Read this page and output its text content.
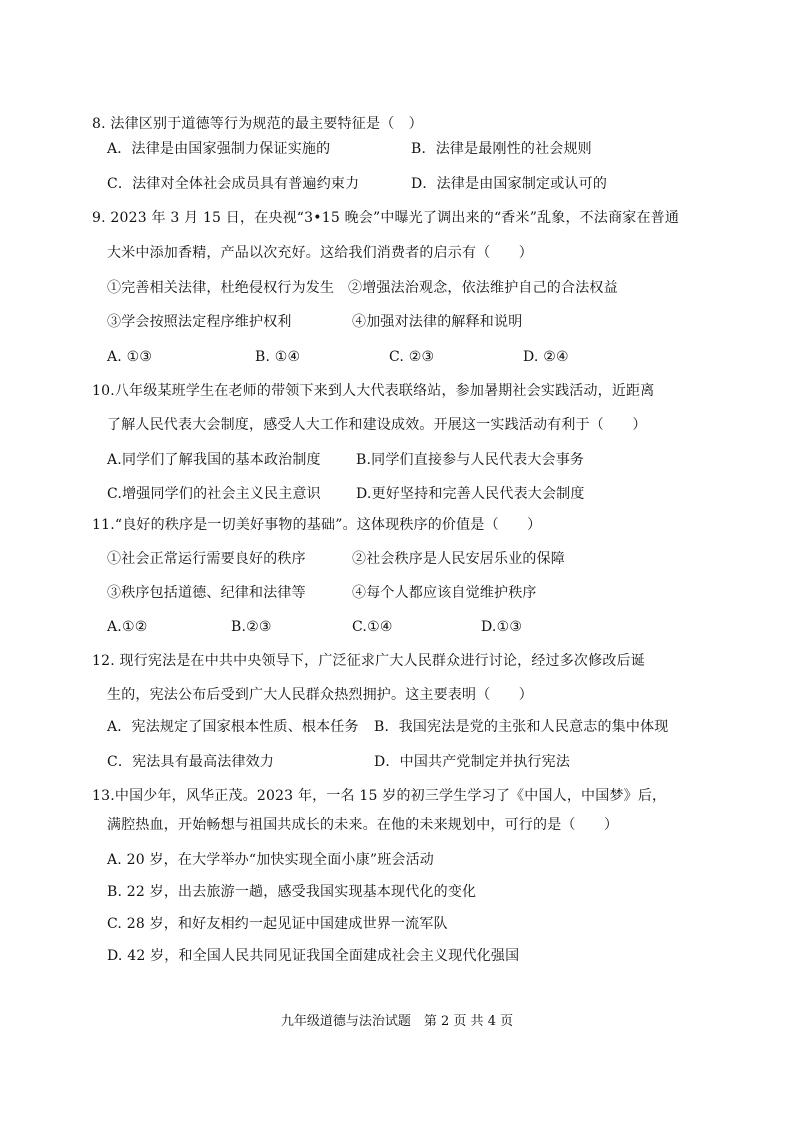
8. 法律区别于道德等行为规范的最主要特征是（　）
A．法律是由国家强制力保证实施的	B．法律是最刚性的社会规则
C．法律对全体社会成员具有普遍约束力	D．法律是由国家制定或认可的
9. 2023 年 3 月 15 日，在央视“3•15 晚会”中曝光了调出来的“香米”乱象，不法商家在普通
大米中添加香精，产品以次充好。这给我们消费者的启示有（　　）
①完善相关法律，杜绝侵权行为发生 ②增强法治观念，依法维护自己的合法权益
③学会按照法定程序维护权利	④加强对法律的解释和说明
A. ①③	B. ①④	C. ②③	D. ②④
10.八年级某班学生在老师的带领下来到人大代表联络站，参加暑期社会实践活动，近距离
了解人民代表大会制度，感受人大工作和建设成效。开展这一实践活动有利于（　　）
A.同学们了解我国的基本政治制度	B.同学们直接参与人民代表大会事务
C.增强同学们的社会主义民主意识	D.更好坚持和完善人民代表大会制度
11.“良好的秩序是一切美好事物的基础”。这体现秩序的价值是（　　）
①社会正常运行需要良好的秩序	②社会秩序是人民安居乐业的保障
③秩序包括道德、纪律和法律等	④每个人都应该自觉维护秩序
A.①②	B.②③	C.①④	D.①③
12. 现行宪法是在中共中央领导下，广泛征求广大人民群众进行讨论，经过多次修改后诞
生的，宪法公布后受到广大人民群众热烈拥护。这主要表明（　　）
A．宪法规定了国家根本性质、根本任务 B．我国宪法是党的主张和人民意志的集中体现
C．宪法具有最高法律效力	D．中国共产党制定并执行宪法
13.中国少年，风华正茂。2023 年，一名 15 岁的初三学生学习了《中国人，中国梦》后，
满腔热血，开始畅想与祖国共成长的未来。在他的未来规划中，可行的是（　　）
A. 20 岁，在大学举办“加快实现全面小康”班会活动
B. 22 岁，出去旅游一趟，感受我国实现基本现代化的变化
C. 28 岁，和好友相约一起见证中国建成世界一流军队
D. 42 岁，和全国人民共同见证我国全面建成社会主义现代化强国
九年级道德与法治试题　第 2 页 共 4 页
